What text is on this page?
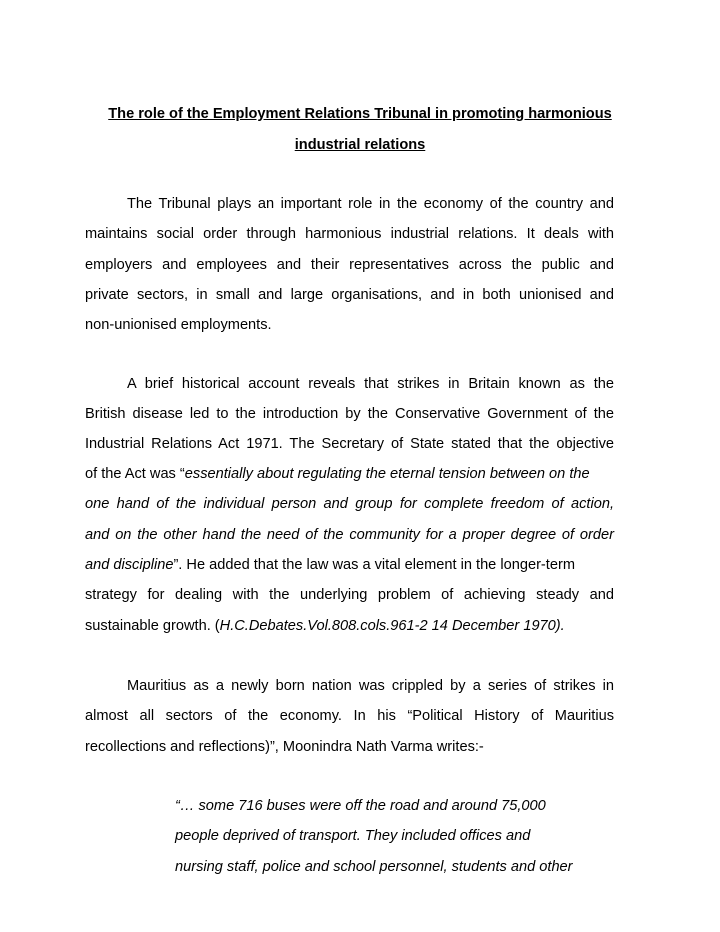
The role of the Employment Relations Tribunal in promoting harmonious
industrial relations
The Tribunal plays an important role in the economy of the country and
maintains social order through harmonious industrial relations. It deals with
employers and employees and their representatives across the public and
private sectors, in small and large organisations, and in both unionised and
non-unionised employments.
A brief historical account reveals that strikes in Britain known as the
British disease led to the introduction by the Conservative Government of the
Industrial Relations Act 1971. The Secretary of State stated that the objective
of the Act was “essentially about regulating the eternal tension between on the
one hand of the individual person and group for complete freedom of action,
and on the other hand the need of the community for a proper degree of order
and discipline”. He added that the law was a vital element in the longer-term
strategy for dealing with the underlying problem of achieving steady and
sustainable growth. (H.C.Debates.Vol.808.cols.961-2 14 December 1970).
Mauritius as a newly born nation was crippled by a series of strikes in
almost all sectors of the economy. In his “Political History of Mauritius
recollections and reflections)”, Moonindra Nath Varma writes:-
“… some 716 buses were off the road and around 75,000
people deprived of transport. They included offices and
nursing staff, police and school personnel, students and other
